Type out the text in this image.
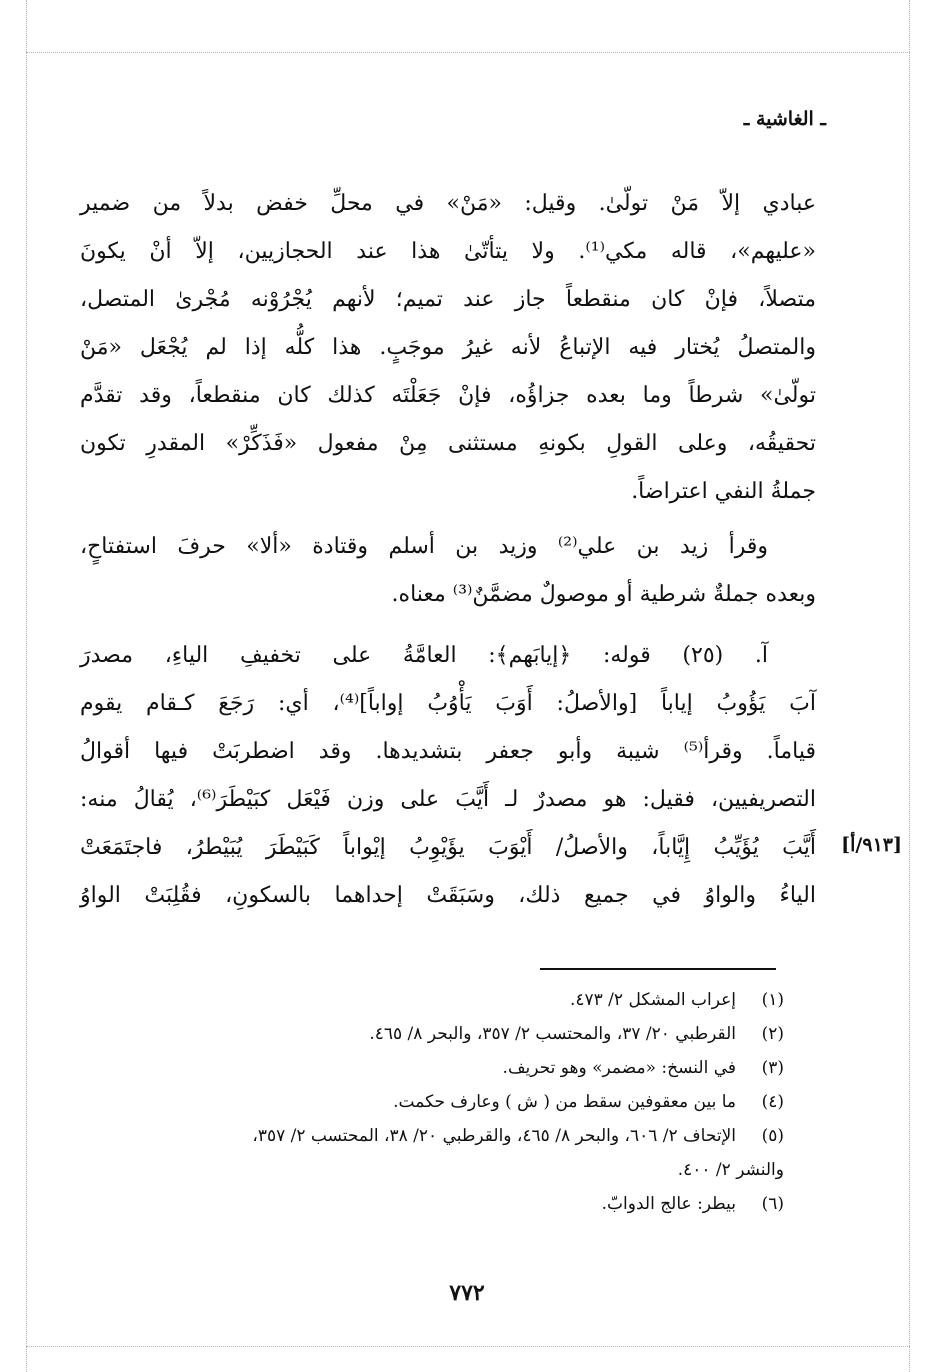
ـ الغاشية ـ
عبادي إلاّ مَنْ تولّىٰ. وقيل: «مَنْ» في محلِّ خفض بدلاً من ضمير
«عليهم»، قاله مكي⁽¹⁾. ولا يتأتّىٰ هذا عند الحجازيين، إلاّ أنْ يكونَ
متصلاً، فإنْ كان منقطعاً جاز عند تميم؛ لأنهم يُجْرُوْنه مُجْرىٰ المتصل،
والمتصلُ يُختار فيه الإتباعُ لأنه غيرُ موجَبٍ. هذا كلُّه إذا لم يُجْعَل «مَنْ
تولّىٰ» شرطاً وما بعده جزاؤُه، فإنْ جَعَلْتَه كذلك كان منقطعاً، وقد تقدَّم
تحقيقُه، وعلى القولِ بكونهِ مستثنى مِنْ مفعول «فَذَكِّرْ» المقدرِ تكون
جملةُ النفي اعتراضاً.
وقرأ زيد بن علي⁽²⁾ وزيد بن أسلم وقتادة «ألا» حرفَ استفتاحٍ،
وبعده جملةٌ شرطية أو موصولٌ مضمَّنٌ⁽³⁾ معناه.
آ. (٢٥) قوله: ﴿إيابَهم﴾: العامَّةُ على تخفيفِ الياءِ، مصدرَ
آبَ يَؤُوبُ إياباً [والأصلُ: أَوَبَ يَأْوُبُ إواباً]⁽⁴⁾، أي: رَجَعَ كـقام يقوم
قياماً. وقرأ⁽⁵⁾ شيبة وأبو جعفر بتشديدها. وقد اضطربَتْ فيها أقوالُ
التصريفيين، فقيل: هو مصدرٌ لـ أَيَّبَ على وزن فَيْعَل كبَيْطَرَ⁽⁶⁾، يُقالُ منه:
أَيَّبَ يُؤَيِّبُ إِيَّاباً، والأصلُ/ أَيْوَبَ يؤَيْوِبُ إيْواباً كَبَيْطَرَ يُبَيْطرُ، فاجتَمَعَتْ
الياءُ والواوُ في جميع ذلك، وسَبَقَتْ إحداهما بالسكونِ، فقُلِبَتْ الواوُ
[٩١٣/أ]
(١)إعراب المشكل ٢/ ٤٧٣.
(٢)القرطبي ٢٠/ ٣٧، والمحتسب ٢/ ٣٥٧، والبحر ٨/ ٤٦٥.
(٣)في النسخ: «مضمر» وهو تحريف.
(٤)ما بين معقوفين سقط من ( ش ) وعارف حكمت.
(٥)الإتحاف ٢/ ٦٠٦، والبحر ٨/ ٤٦٥، والقرطبي ٢٠/ ٣٨، المحتسب ٢/ ٣٥٧،
والنشر ٢/ ٤٠٠.
(٦)بيطر: عالج الدوابّ.
٧٧٢
